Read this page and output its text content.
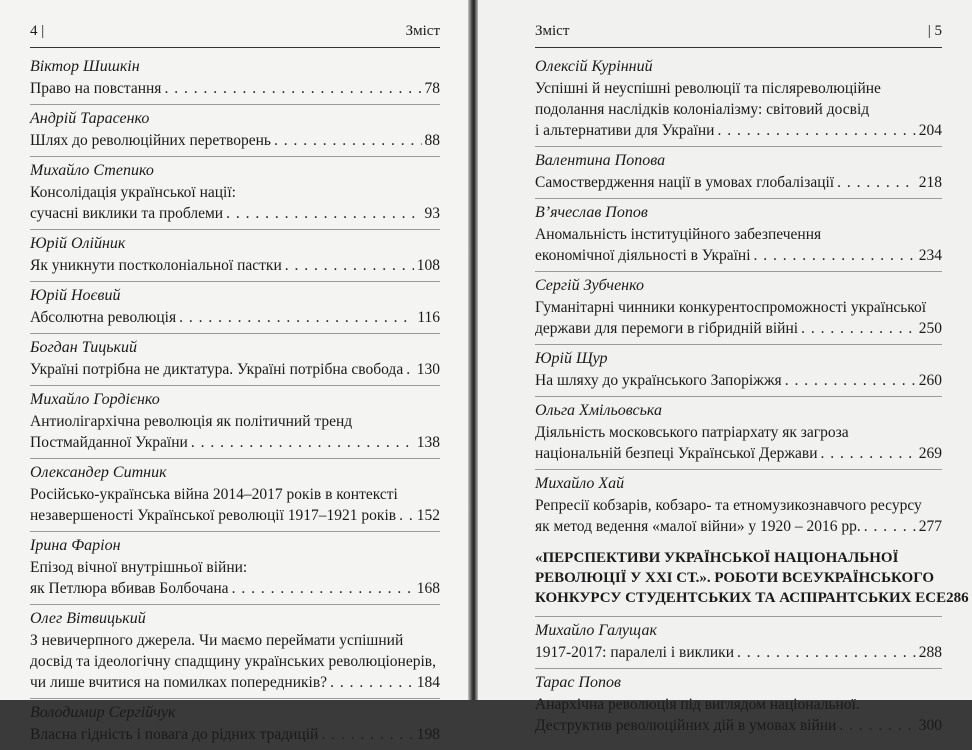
4 |	Зміст
Віктор Шишкін
Право на повстання . . .	78
Андрій Тарасенко
Шлях до революційних перетворень . . .	88
Михайло Степико
Консолідація української нації:
сучасні виклики та проблеми . . .	93
Юрій Олійник
Як уникнути постколоніальної пастки . . .	108
Юрій Ноєвий
Абсолютна революція . . .	116
Богдан Тицький
Україні потрібна не диктатура. Україні потрібна свобода . . . 130
Михайло Гордієнко
Антиолігархічна революція як політичний тренд
Постмайданної України . . .	138
Олександер Ситник
Російсько-українська війна 2014–2017 років в контексті
незавершеності Української революції 1917–1921 років . . . 152
Ірина Фаріон
Епізод вічної внутрішньої війни:
як Петлюра вбивав Болбочана . . .	168
Олег Вітвицький
З невичерпного джерела. Чи маємо переймати успішний
досвід та ідеологічну спадщину українських революціонерів,
чи лише вчитися на помилках попередників? . . .	184
Володимир Сергійчук
Власна гідність і повага до рідних традицій . . .	198
Зміст	| 5
Олексій Курінний
Успішні й неуспішні революції та післяреволюційне
подолання наслідків колоніалізму: світовий досвід
і альтернативи для України . . .	204
Валентина Попова
Самоствердження нації в умовах глобалізації . . .	218
В’ячеслав Попов
Аномальність інституційного забезпечення
економічної діяльності в Україні . . .	234
Сергій Зубченко
Гуманітарні чинники конкурентоспроможності української
держави для перемоги в гібридній війні . . .	250
Юрій Щур
На шляху до українського Запоріжжя . . .	260
Ольга Хмільовська
Діяльність московського патріархату як загроза
національній безпеці Української Держави . . .	269
Михайло Хай
Репресії кобзарів, кобзаро- та етномузикознавчого ресурсу
як метод ведення «малої війни» у 1920 – 2016 рр. . . .	277
«ПЕРСПЕКТИВИ УКРАЇНСЬКОЇ НАЦІОНАЛЬНОЇ
РЕВОЛЮЦІЇ У ХХІ СТ.». РОБОТИ ВСЕУКРАЇНСЬКОГО
КОНКУРСУ СТУДЕНТСЬКИХ ТА АСПІРАНТСЬКИХ ЕСЕ 286
Михайло Галущак
1917-2017: паралелі і виклики . . .	288
Тарас Попов
Анархічна революція під виглядом національної.
Деструктив революційних дій в умовах війни . . .	300
